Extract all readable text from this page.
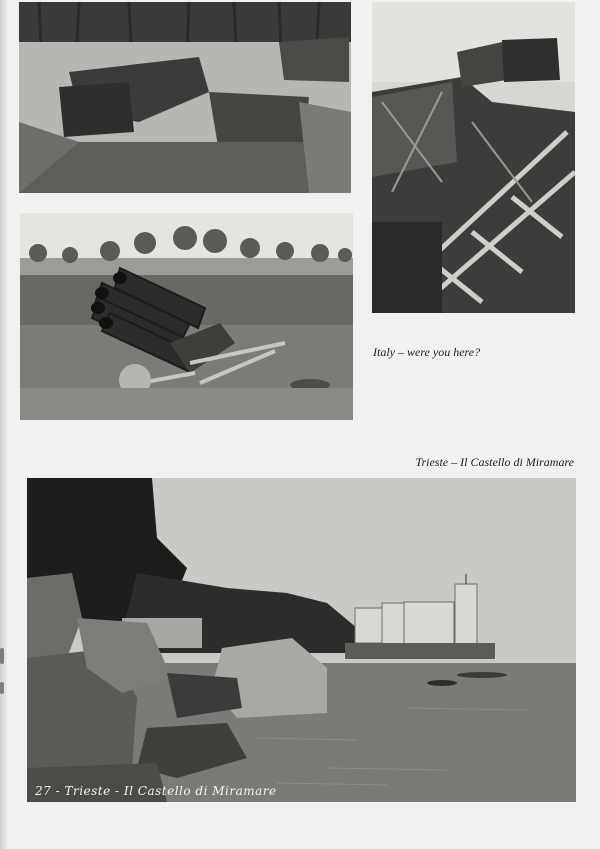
Italy – were you here?
Trieste – Il Castello di Miramare
27 - Trieste - Il Castello di Miramare
